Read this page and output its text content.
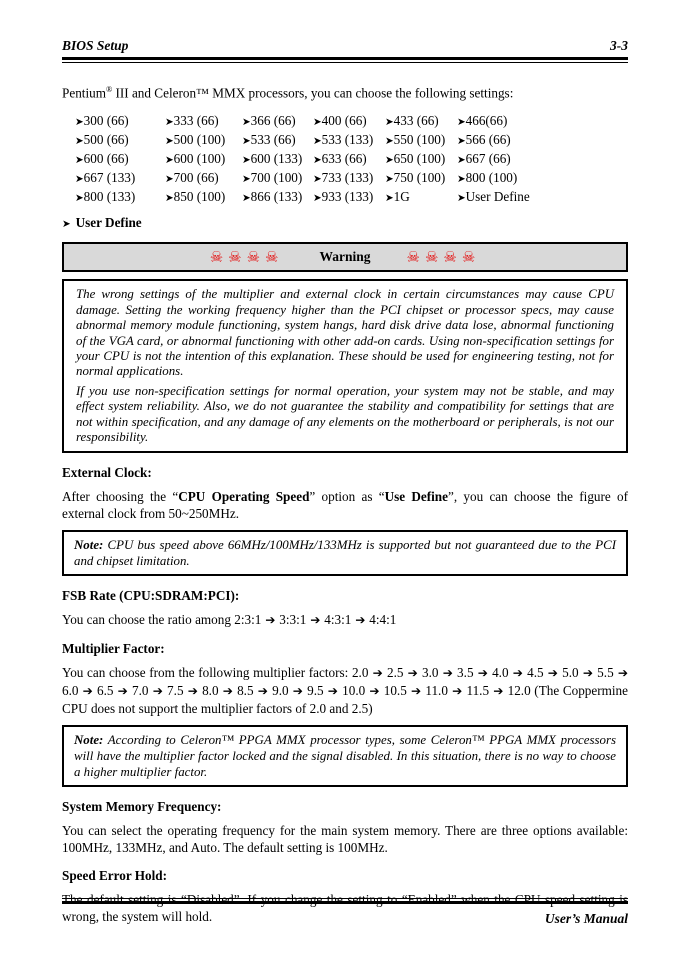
BIOS Setup	3-3

Pentium® III and Celeron™ MMX processors, you can choose the following settings:

➤300 (66)	➤333 (66)	➤366 (66)	➤400 (66)	➤433 (66)	➤466(66)
➤500 (66)	➤500 (100)	➤533 (66)	➤533 (133)	➤550 (100)	➤566 (66)
➤600 (66)	➤600 (100)	➤600 (133)	➤633 (66)	➤650 (100)	➤667 (66)
➤667 (133)	➤700 (66)	➤700 (100)	➤733 (133)	➤750 (100)	➤800 (100)
➤800 (133)	➤850 (100)	➤866 (133)	➤933 (133)	➤1G	➤User Define
➤ User Define
☠☠☠☠	Warning ☠☠☠☠

The wrong settings of the multiplier and external clock in certain circumstances may cause CPU damage. Setting the working frequency higher than the PCI chipset or processor specs, may cause abnormal memory module functioning, system hangs, hard disk drive data lose, abnormal functioning of the VGA card, or abnormal functioning with other add-on cards. Using non-specification settings for your CPU is not the intention of this explanation. These should be used for engineering testing, not for normal applications.

If you use non-specification settings for normal operation, your system may not be stable, and may effect system reliability. Also, we do not guarantee the stability and compatibility for settings that are not within specification, and any damage of any elements on the motherboard or peripherals, is not our responsibility.

External Clock:

After choosing the “CPU Operating Speed” option as “Use Define”, you can choose the figure of external clock from 50~250MHz.

Note: CPU bus speed above 66MHz/100MHz/133MHz is supported but not guaranteed due to the PCI and chipset limitation.

FSB Rate (CPU:SDRAM:PCI):

You can choose the ratio among 2:3:1 ➔ 3:3:1 ➔ 4:3:1 ➔ 4:4:1

Multiplier Factor:

You can choose from the following multiplier factors: 2.0 ➔ 2.5 ➔ 3.0 ➔ 3.5 ➔ 4.0 ➔ 4.5 ➔ 5.0 ➔ 5.5 ➔ 6.0 ➔ 6.5 ➔ 7.0 ➔ 7.5 ➔ 8.0 ➔ 8.5 ➔ 9.0 ➔ 9.5 ➔ 10.0 ➔ 10.5 ➔ 11.0 ➔ 11.5 ➔ 12.0 (The Coppermine CPU does not support the multiplier factors of 2.0 and 2.5)

Note: According to Celeron™ PPGA MMX processor types, some Celeron™ PPGA MMX processors will have the multiplier factor locked and the signal disabled. In this situation, there is no way to choose a higher multiplier factor.

System Memory Frequency:

You can select the operating frequency for the main system memory. There are three options available: 100MHz, 133MHz, and Auto. The default setting is 100MHz.

Speed Error Hold:

The default setting is “Disabled”. If you change the setting to “Enabled” when the CPU speed setting is wrong, the system will hold.	User’s Manual
